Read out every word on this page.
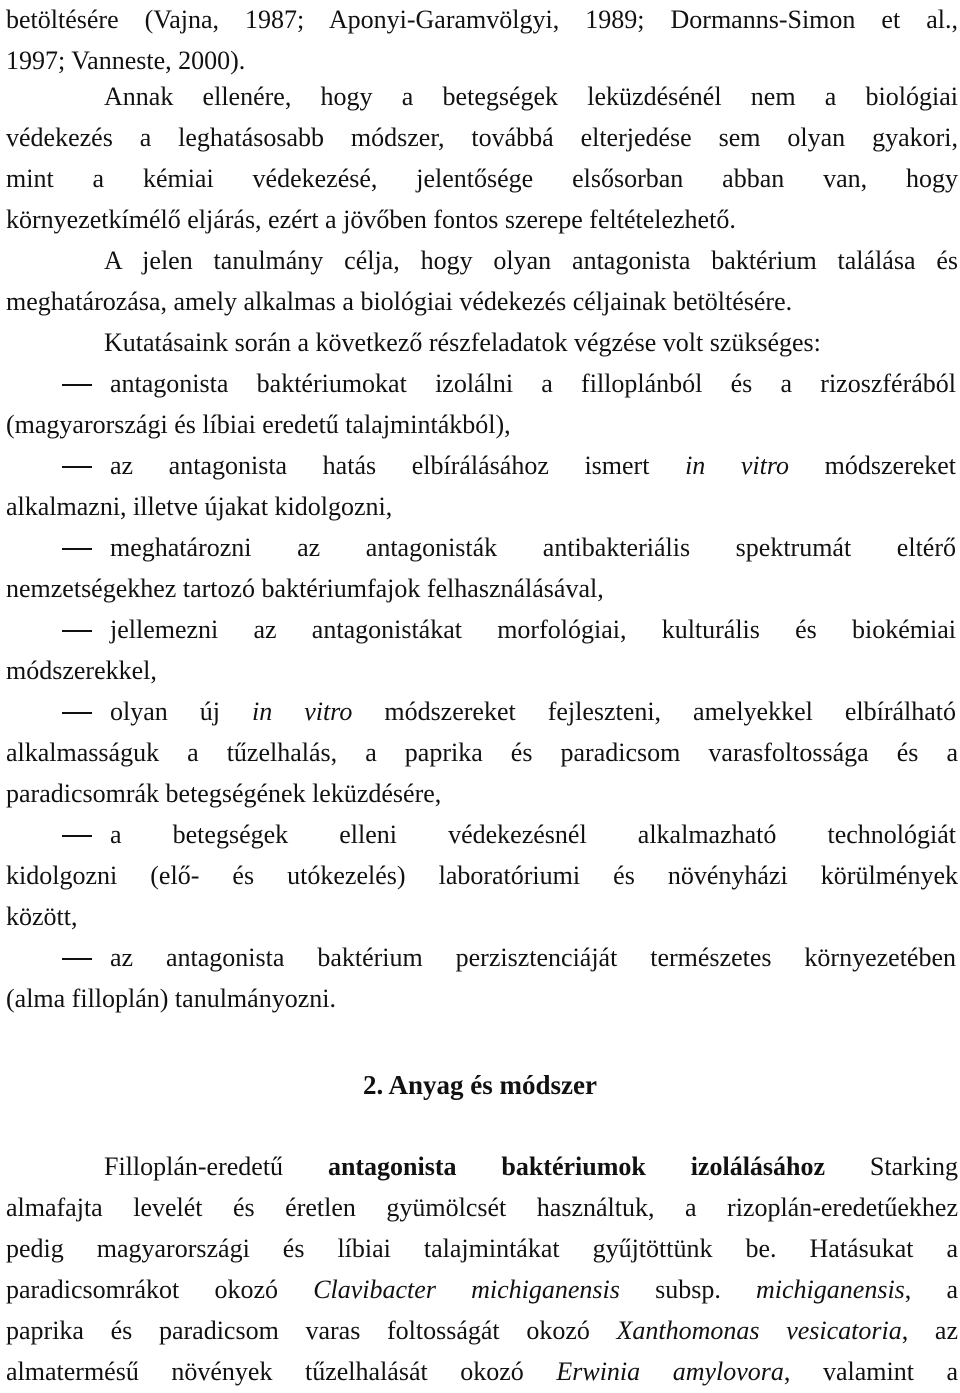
betöltésére (Vajna, 1987; Aponyi-Garamvölgyi, 1989; Dormanns-Simon et al.,
1997; Vanneste, 2000).
Annak ellenére, hogy a betegségek leküzdésénél nem a biológiai
védekezés a leghatásosabb módszer, továbbá elterjedése sem olyan gyakori,
mint a kémiai védekezésé, jelentősége elsősorban abban van, hogy
környezetkímélő eljárás, ezért a jövőben fontos szerepe feltételezhető.
A jelen tanulmány célja, hogy olyan antagonista baktérium találása és
meghatározása, amely alkalmas a biológiai védekezés céljainak betöltésére.
Kutatásaink során a következő részfeladatok végzése volt szükséges:
antagonista baktériumokat izolálni a filloplánból és a rizoszférából
(magyarországi és líbiai eredetű talajmintákból),
az antagonista hatás elbírálásához ismert in vitro módszereket
alkalmazni, illetve újakat kidolgozni,
meghatározni az antagonisták antibakteriális spektrumát eltérő
nemzetségekhez tartozó baktériumfajok felhasználásával,
jellemezni az antagonistákat morfológiai, kulturális és biokémiai
módszerekkel,
olyan új in vitro módszereket fejleszteni, amelyekkel elbírálható
alkalmasságuk a tűzelhalás, a paprika és paradicsom varasfoltossága és a
paradicsomrák betegségének leküzdésére,
a betegségek elleni védekezésnél alkalmazható technológiát
kidolgozni (elő- és utókezelés) laboratóriumi és növényházi körülmények
között,
az antagonista baktérium perzisztenciáját természetes környezetében
(alma filloplán) tanulmányozni.
2. Anyag és módszer
Filloplán-eredetű antagonista baktériumok izolálásához Starking
almafajta levelét és éretlen gyümölcsét használtuk, a rizoplán-eredetűekhez
pedig magyarországi és líbiai talajmintákat gyűjtöttünk be. Hatásukat a
paradicsomrákot okozó Clavibacter michiganensis subsp. michiganensis, a
paprika és paradicsom varas foltosságát okozó Xanthomonas vesicatoria, az
almatermésű növények tűzelhalását okozó Erwinia amylovora, valamint a
